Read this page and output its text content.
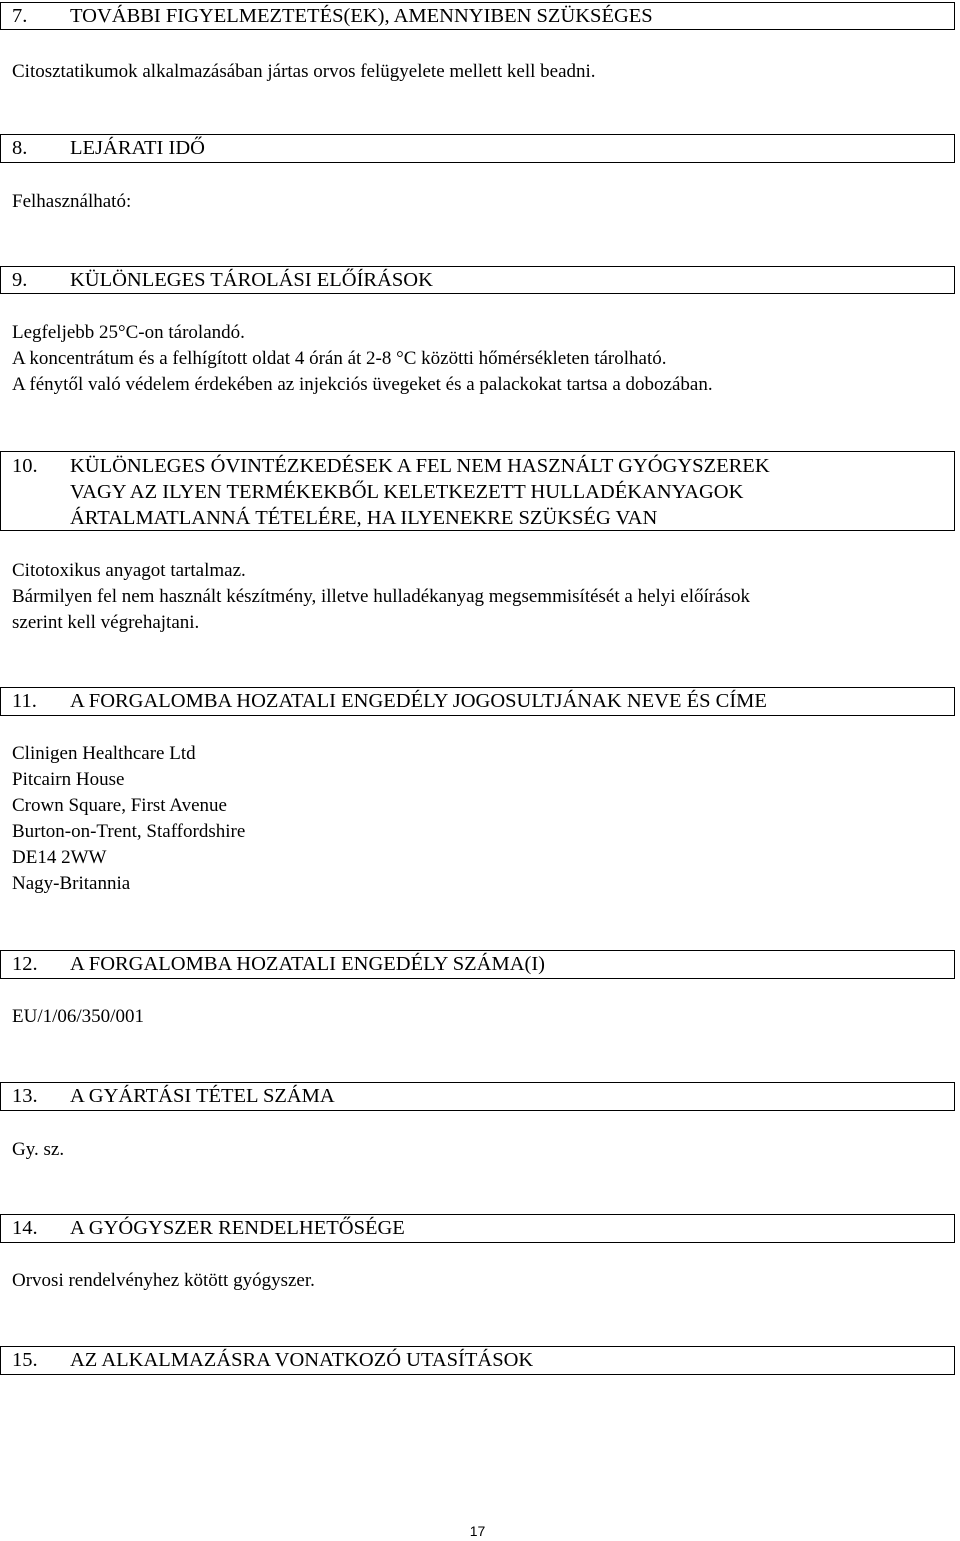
7. TOVÁBBI FIGYELMEZTETÉS(EK), AMENNYIBEN SZÜKSÉGES
Citosztatikumok alkalmazásában jártas orvos felügyelete mellett kell beadni.
8. LEJÁRATI IDŐ
Felhasználható:
9. KÜLÖNLEGES TÁROLÁSI ELŐÍRÁSOK
Legfeljebb 25°C-on tárolandó.
A koncentrátum és a felhígított oldat 4 órán át 2-8 °C közötti hőmérsékleten tárolható.
A fénytől való védelem érdekében az injekciós üvegeket és a palackokat tartsa a dobozában.
10. KÜLÖNLEGES ÓVINTÉZKEDÉSEK A FEL NEM HASZNÁLT GYÓGYSZEREK
VAGY AZ ILYEN TERMÉKEKBŐL KELETKEZETT HULLADÉKANYAGOK
ÁRTALMATLANNÁ TÉTELÉRE, HA ILYENEKRE SZÜKSÉG VAN
Citotoxikus anyagot tartalmaz.
Bármilyen fel nem használt készítmény, illetve hulladékanyag megsemmisítését a helyi előírások
szerint kell végrehajtani.
11. A FORGALOMBA HOZATALI ENGEDÉLY JOGOSULTJÁNAK NEVE ÉS CÍME
Clinigen Healthcare Ltd
Pitcairn House
Crown Square, First Avenue
Burton-on-Trent, Staffordshire
DE14 2WW
Nagy-Britannia
12. A FORGALOMBA HOZATALI ENGEDÉLY SZÁMA(I)
EU/1/06/350/001
13. A GYÁRTÁSI TÉTEL SZÁMA
Gy. sz.
14. A GYÓGYSZER RENDELHETŐSÉGE
Orvosi rendelvényhez kötött gyógyszer.
15. AZ ALKALMAZÁSRA VONATKOZÓ UTASÍTÁSOK
17
